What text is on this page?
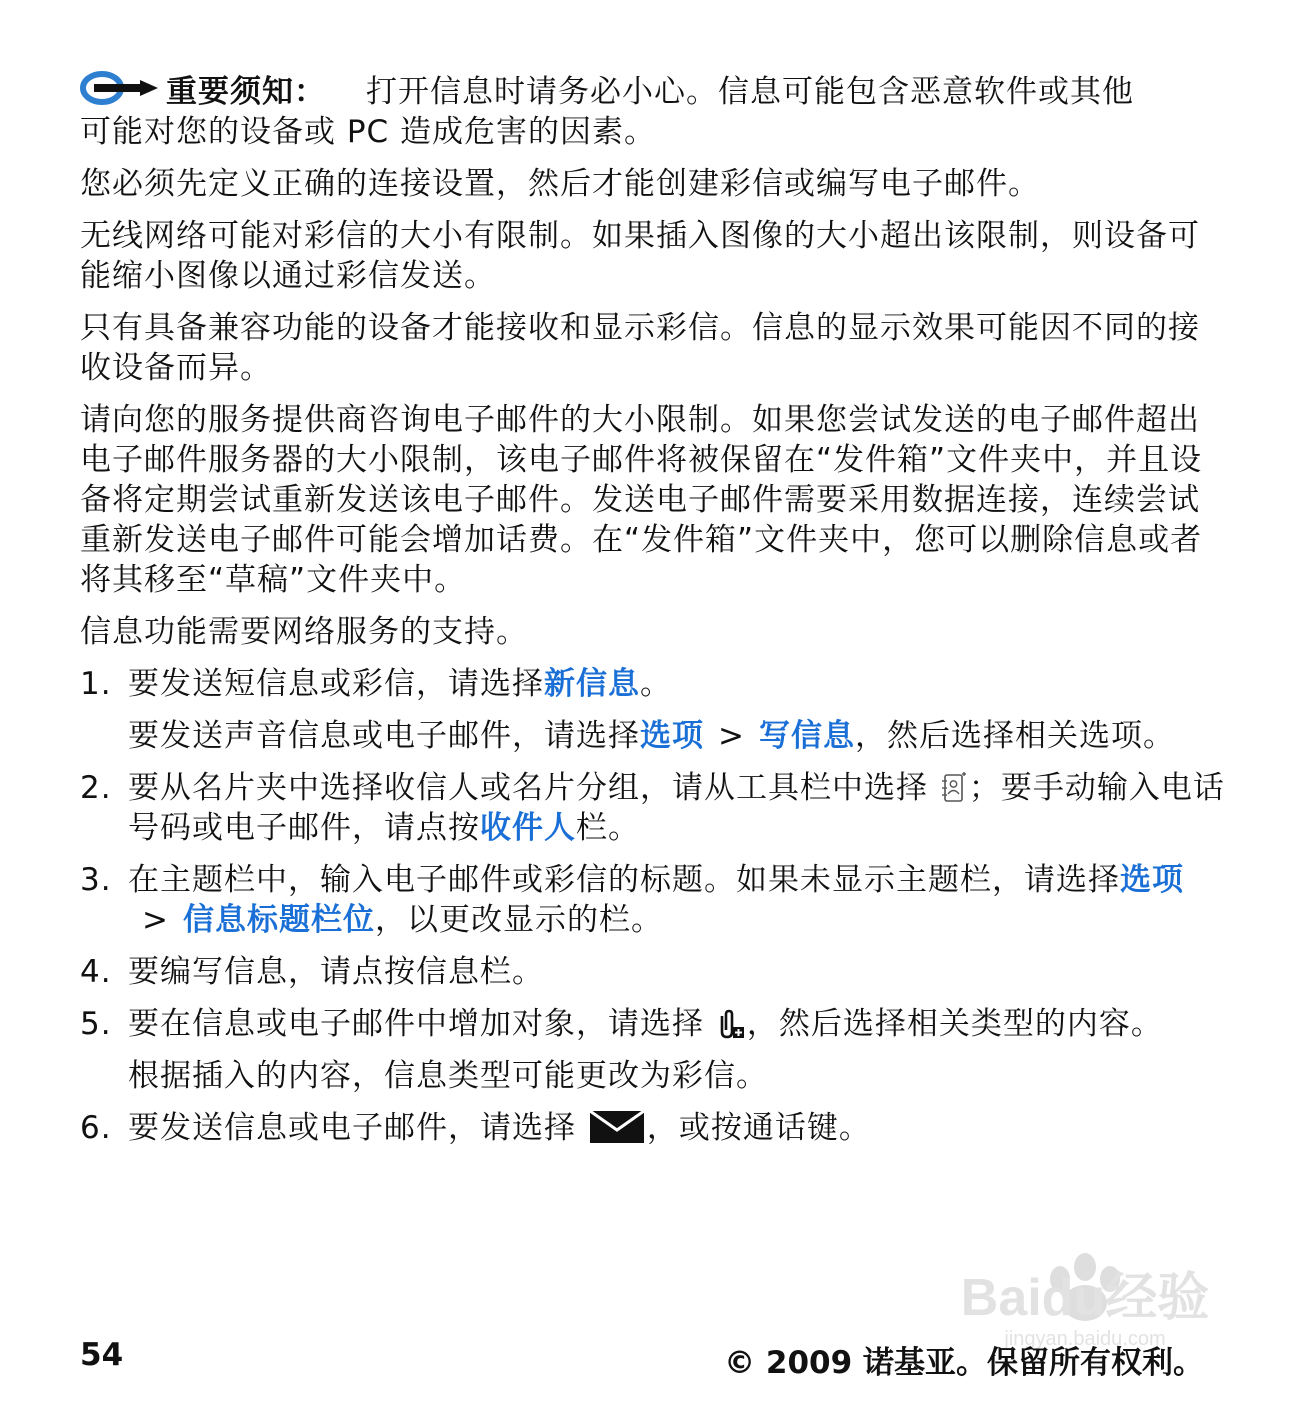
重要须知： 打开信息时请务必小心。信息可能包含恶意软件或其他
可能对您的设备或 PC 造成危害的因素。

您必须先定义正确的连接设置，然后才能创建彩信或编写电子邮件。

无线网络可能对彩信的大小有限制。如果插入图像的大小超出该限制，则设备可能缩小图像以通过彩信发送。

只有具备兼容功能的设备才能接收和显示彩信。信息的显示效果可能因不同的接收设备而异。

请向您的服务提供商咨询电子邮件的大小限制。如果您尝试发送的电子邮件超出电子邮件服务器的大小限制，该电子邮件将被保留在“发件箱”文件夹中，并且设备将定期尝试重新发送该电子邮件。发送电子邮件需要采用数据连接，连续尝试重新发送电子邮件可能会增加话费。在“发件箱”文件夹中，您可以删除信息或者将其移至“草稿”文件夹中。

信息功能需要网络服务的支持。

1. 要发送短信息或彩信，请选择新信息。
要发送声音信息或电子邮件，请选择选项 > 写信息，然后选择相关选项。
2. 要从名片夹中选择收信人或名片分组，请从工具栏中选择 ；要手动输入电话号码或电子邮件，请点按收件人栏。
3. 在主题栏中，输入电子邮件或彩信的标题。如果未显示主题栏，请选择选项> 信息标题栏位，以更改显示的栏。
4. 要编写信息，请点按信息栏。
5. 要在信息或电子邮件中增加对象，请选择 ，然后选择相关类型的内容。
根据插入的内容，信息类型可能更改为彩信。
6. 要发送信息或电子邮件，请选择 ，或按通话键。
Baidu经验
jingyan.baidu.com
54	© 2009 诺基亚。保留所有权利。
